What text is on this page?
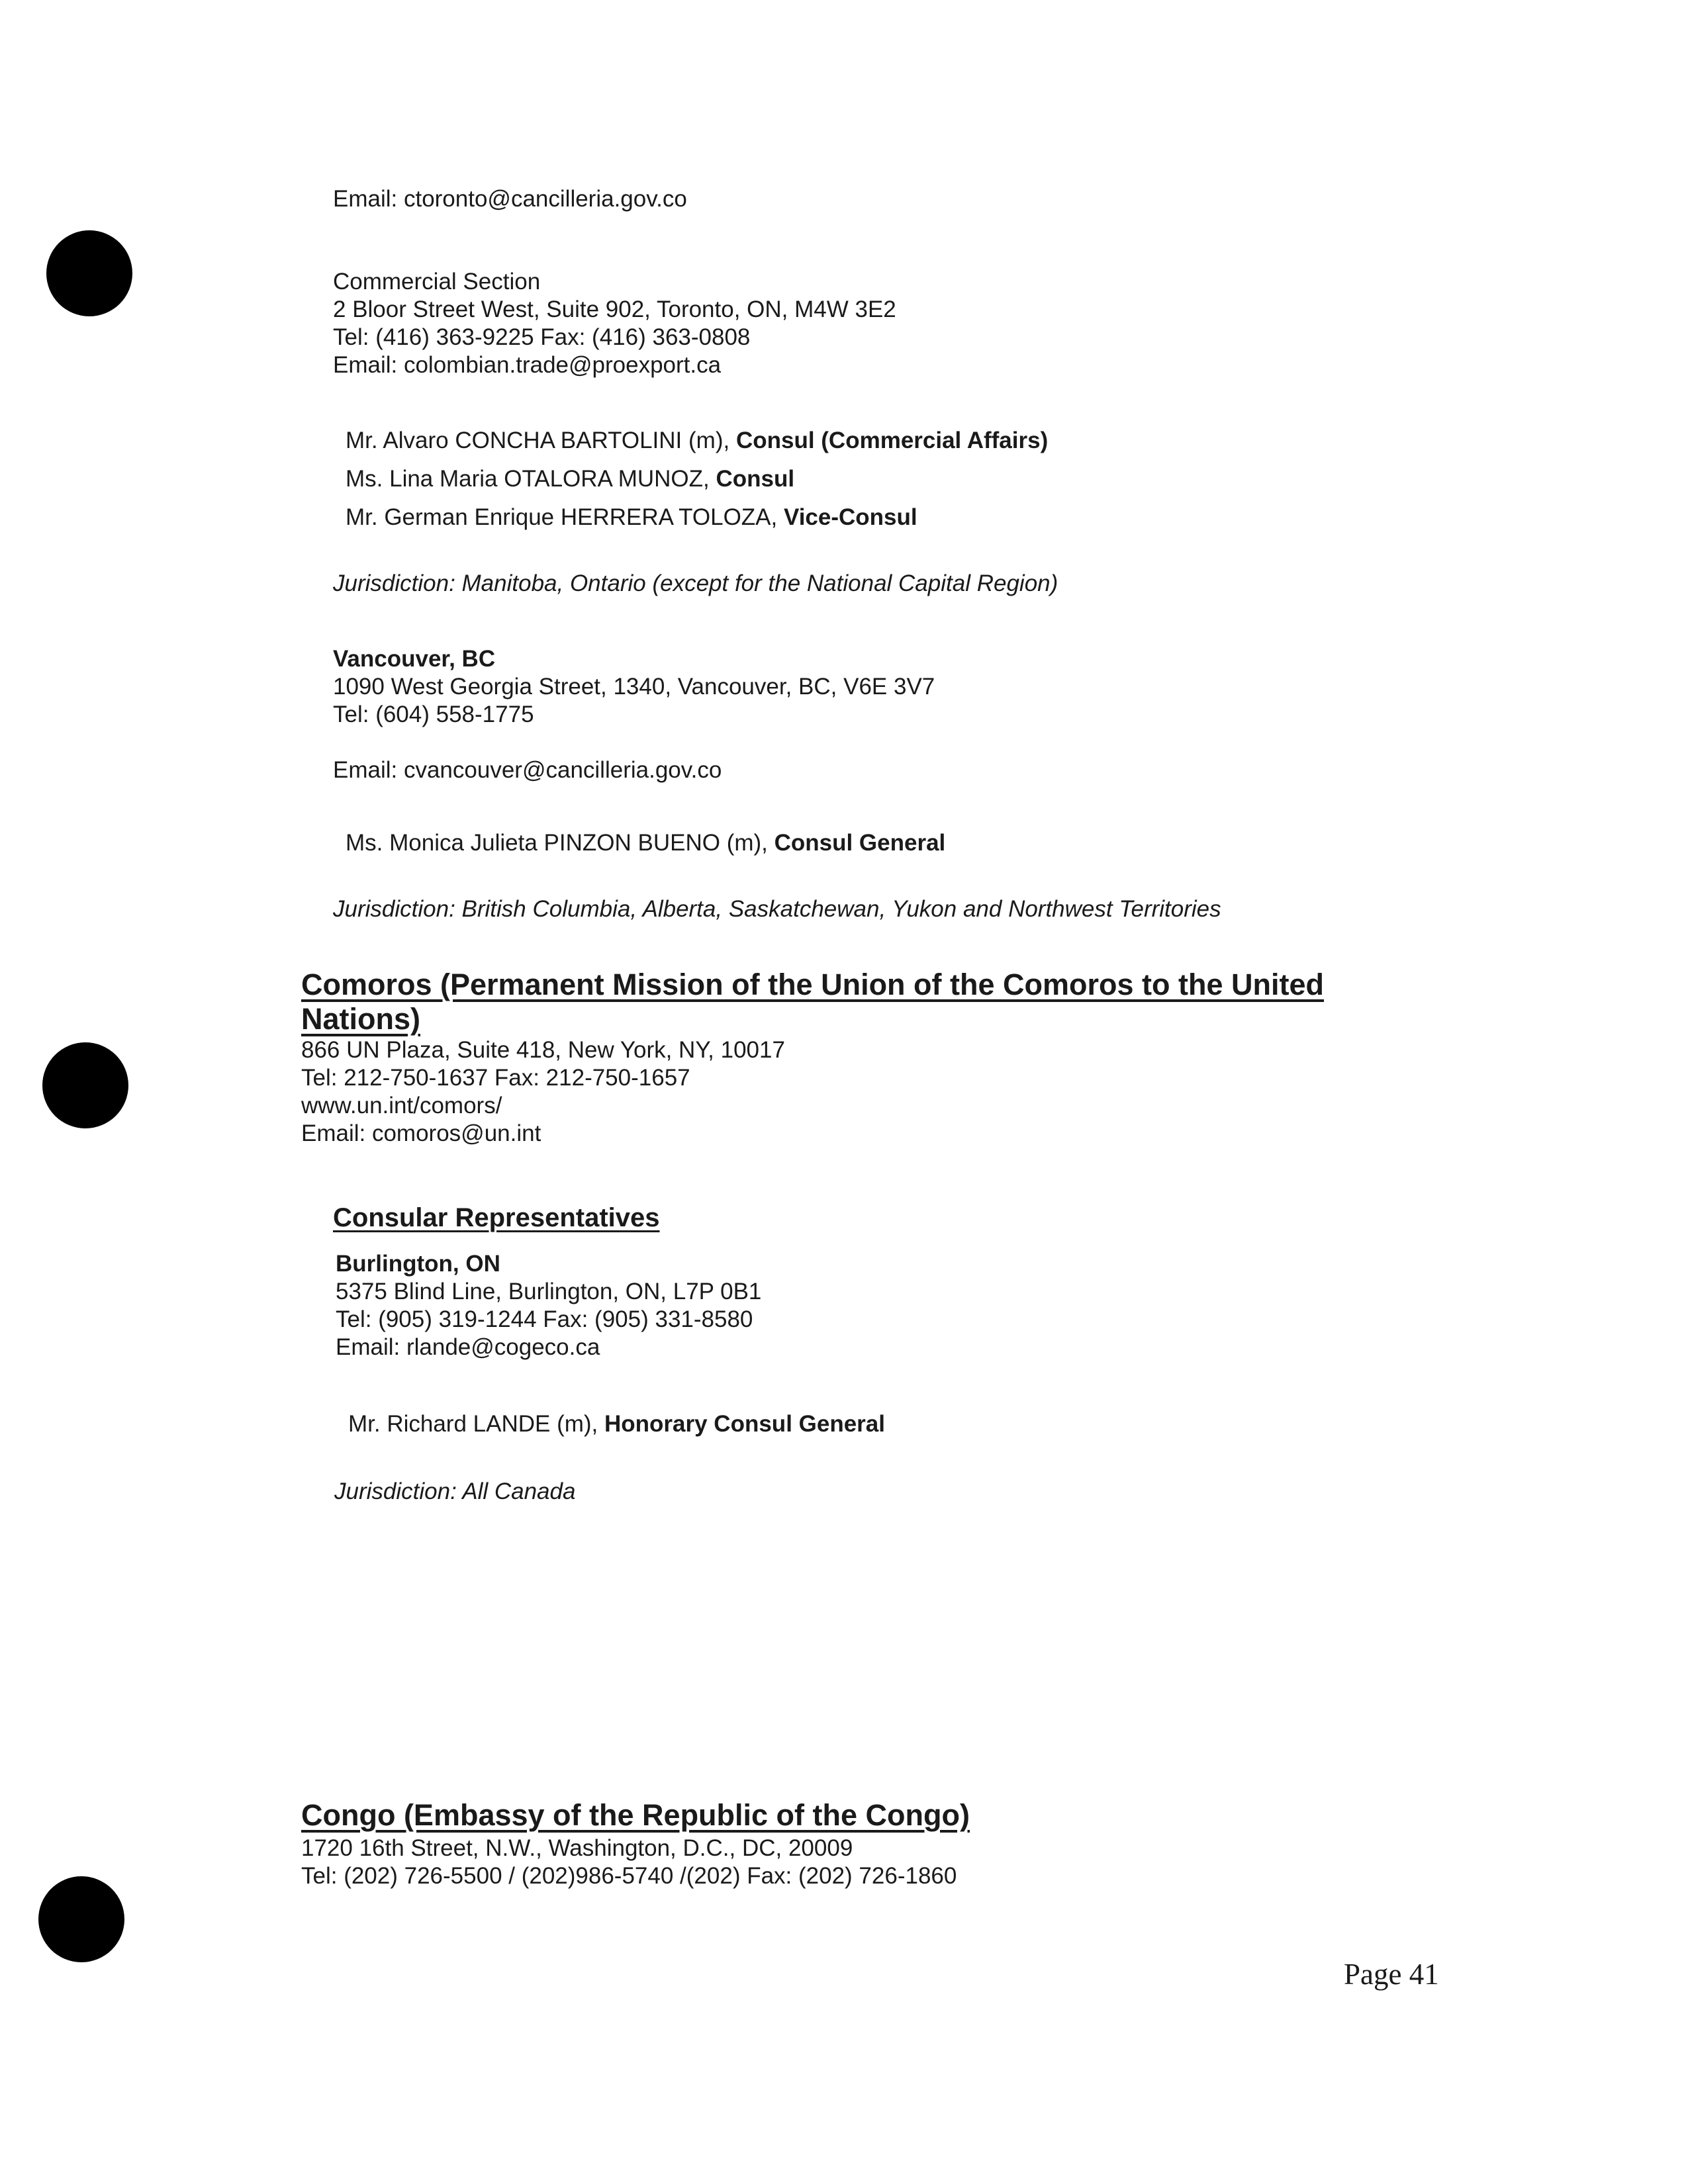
Email: ctoronto@cancilleria.gov.co
Commercial Section
2 Bloor Street West, Suite 902, Toronto, ON, M4W 3E2
Tel: (416) 363-9225 Fax: (416) 363-0808
Email: colombian.trade@proexport.ca
Mr. Alvaro CONCHA BARTOLINI (m), Consul (Commercial Affairs)
Ms. Lina Maria OTALORA MUNOZ, Consul
Mr. German Enrique HERRERA TOLOZA, Vice-Consul
Jurisdiction: Manitoba, Ontario (except for the National Capital Region)
Vancouver, BC
1090 West Georgia Street, 1340, Vancouver, BC, V6E 3V7
Tel: (604) 558-1775
Email: cvancouver@cancilleria.gov.co
Ms. Monica Julieta PINZON BUENO (m), Consul General
Jurisdiction: British Columbia, Alberta, Saskatchewan, Yukon and Northwest Territories
Comoros (Permanent Mission of the Union of the Comoros to the United
Nations)
866 UN Plaza, Suite 418, New York, NY, 10017
Tel: 212-750-1637 Fax: 212-750-1657
www.un.int/comors/
Email: comoros@un.int
Consular Representatives
Burlington, ON
5375 Blind Line, Burlington, ON, L7P 0B1
Tel: (905) 319-1244 Fax: (905) 331-8580
Email: rlande@cogeco.ca
Mr. Richard LANDE (m), Honorary Consul General
Jurisdiction: All Canada
Congo (Embassy of the Republic of the Congo)
1720 16th Street, N.W., Washington, D.C., DC, 20009
Tel: (202) 726-5500 / (202)986-5740 /(202) Fax: (202) 726-1860
Page 41
